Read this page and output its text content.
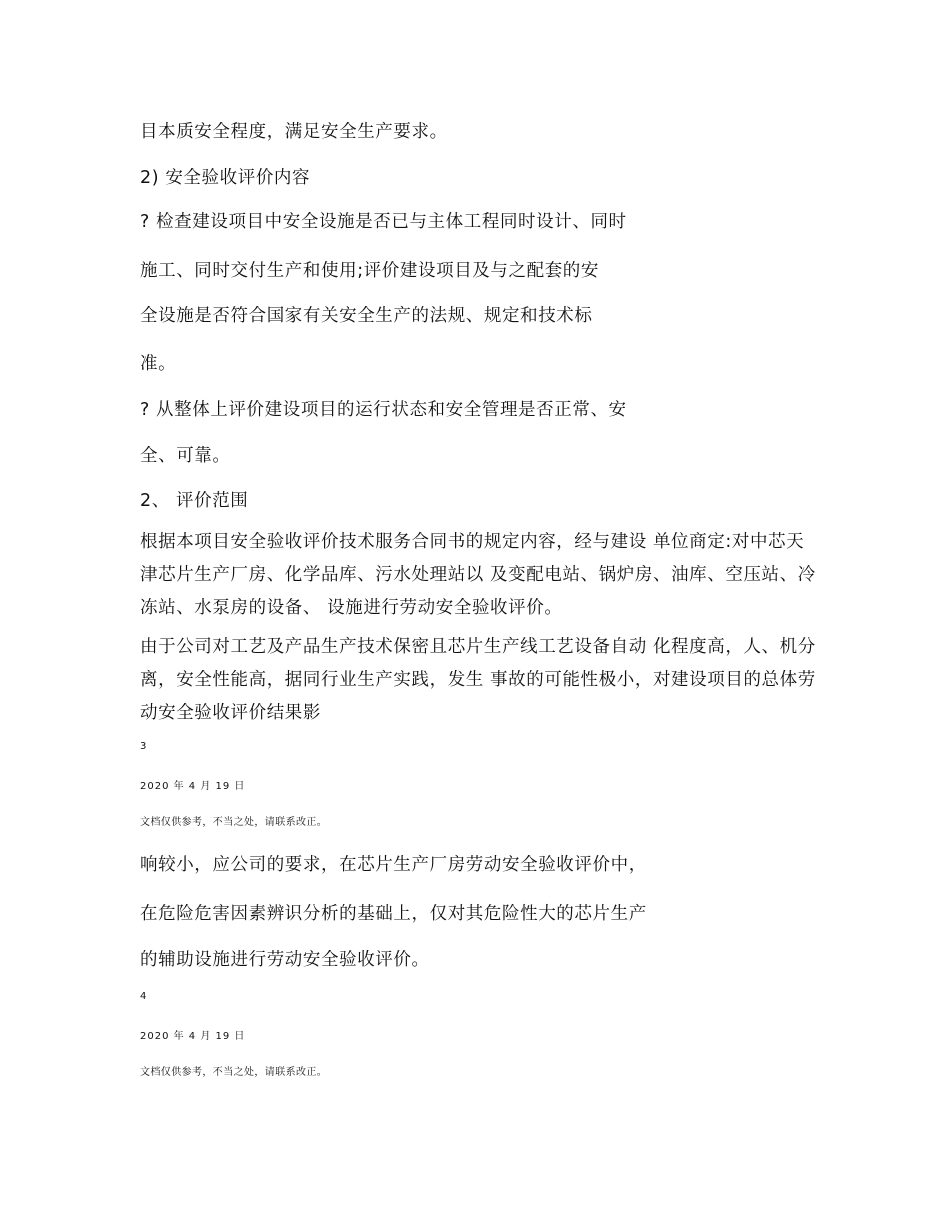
目本质安全程度，满足安全生产要求。

2) 安全验收评价内容

? 检查建设项目中安全设施是否已与主体工程同时设计、同时

施工、同时交付生产和使用;评价建设项目及与之配套的安

全设施是否符合国家有关安全生产的法规、规定和技术标

准。

? 从整体上评价建设项目的运行状态和安全管理是否正常、安

全、可靠。

2、 评价范围

根据本项目安全验收评价技术服务合同书的规定内容，经与建设 单位商定:对中芯天津芯片生产厂房、化学品库、污水处理站以 及变配电站、锅炉房、油库、空压站、冷冻站、水泵房的设备、 设施进行劳动安全验收评价。

由于公司对工艺及产品生产技术保密且芯片生产线工艺设备自动 化程度高，人、机分离，安全性能高，据同行业生产实践，发生 事故的可能性极小，对建设项目的总体劳动安全验收评价结果影

3

2020 年 4 月 19 日

文档仅供参考，不当之处，请联系改正。

响较小，应公司的要求，在芯片生产厂房劳动安全验收评价中，

在危险危害因素辨识分析的基础上，仅对其危险性大的芯片生产

的辅助设施进行劳动安全验收评价。

4

2020 年 4 月 19 日

文档仅供参考，不当之处，请联系改正。
